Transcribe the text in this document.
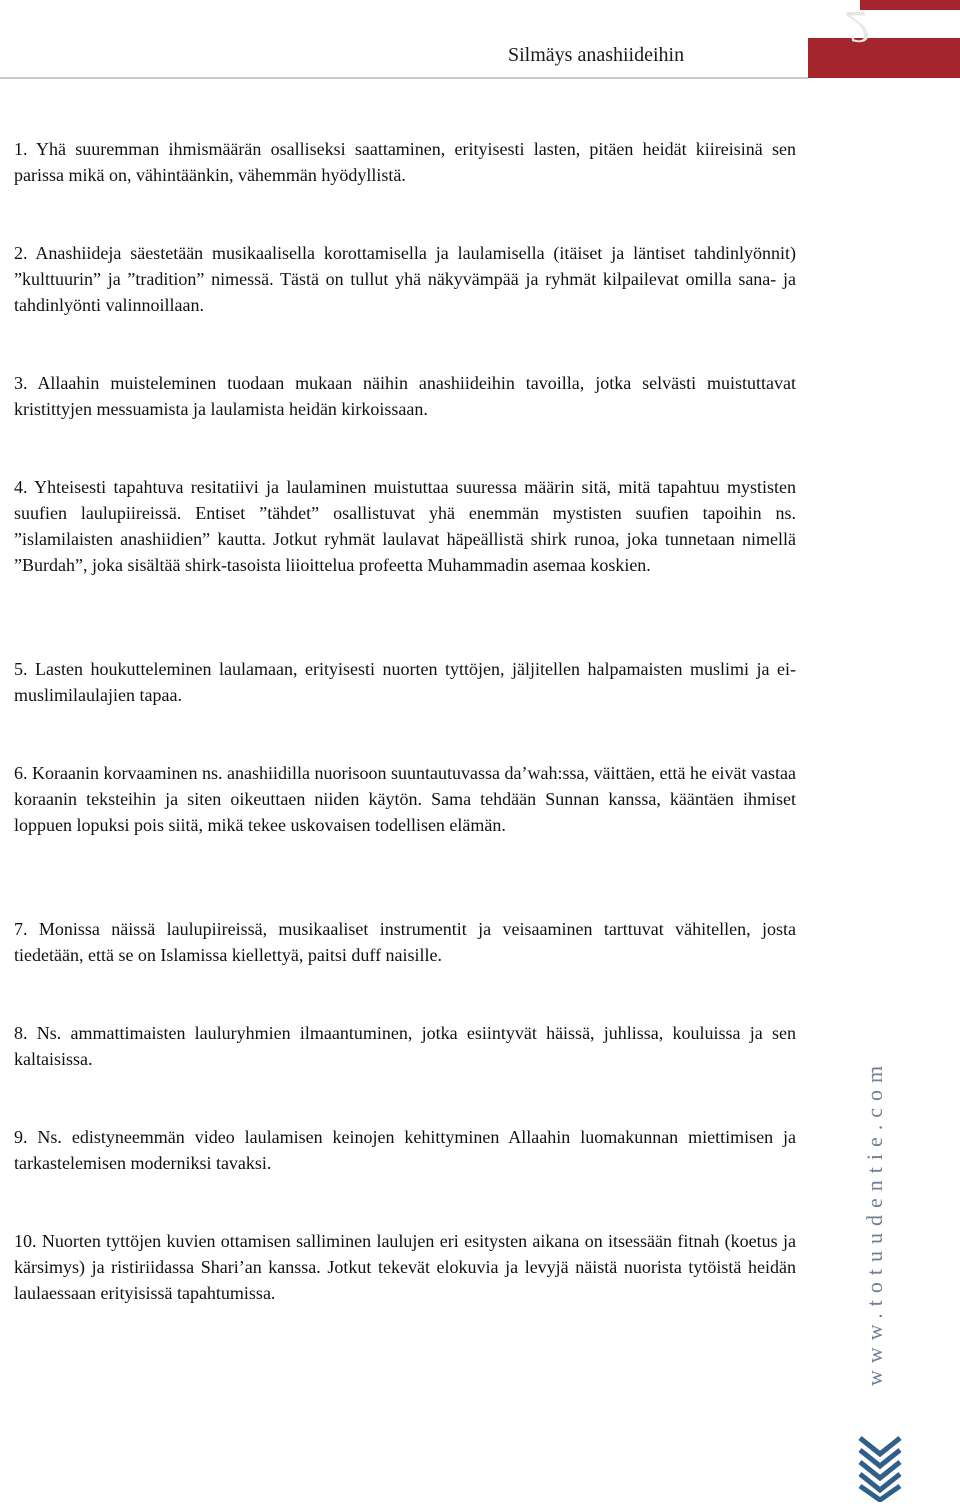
2
Silmäys anashiideihin

1. Yhä suuremman ihmismäärän osalliseksi saattaminen, erityisesti lasten, pitäen heidät kiireisinä sen parissa mikä on, vähintäänkin, vähemmän hyödyllistä.

2. Anashiideja säestetään musikaalisella korottamisella ja laulamisella (itäiset ja läntiset tahdinlyönnit) ”kulttuurin” ja ”tradition” nimessä. Tästä on tullut yhä näkyvämpää ja ryhmät kilpailevat omilla sana- ja tahdinlyönti valinnoillaan.

3. Allaahin muisteleminen tuodaan mukaan näihin anashiideihin tavoilla, jotka selvästi muistuttavat kristittyjen messuamista ja laulamista heidän kirkoissaan.

4. Yhteisesti tapahtuva resitatiivi ja laulaminen muistuttaa suuressa määrin sitä, mitä tapahtuu mystisten suufien laulupiireissä. Entiset ”tähdet” osallistuvat yhä enemmän mystisten suufien tapoihin ns. ”islamilaisten anashiidien” kautta. Jotkut ryhmät laulavat häpeällistä shirk runoa, joka tunnetaan nimellä ”Burdah”, joka sisältää shirk-tasoista liioittelua profeetta Muhammadin asemaa koskien.

5. Lasten houkutteleminen laulamaan, erityisesti nuorten tyttöjen, jäljitellen halpamaisten muslimi ja ei-muslimilaulajien tapaa.

6. Koraanin korvaaminen ns. anashiidilla nuorisoon suuntautuvassa da’wah:ssa, väittäen, että he eivät vastaa koraanin teksteihin ja siten oikeuttaen niiden käytön. Sama tehdään Sunnan kanssa, kääntäen ihmiset loppuen lopuksi pois siitä, mikä tekee uskovaisen todellisen elämän.

7. Monissa näissä laulupiireissä, musikaaliset instrumentit ja veisaaminen tarttuvat vähitellen, josta tiedetään, että se on Islamissa kiellettyä, paitsi duff naisille.

8. Ns. ammattimaisten lauluryhmien ilmaantuminen, jotka esiintyvät häissä, juhlissa, kouluissa ja sen kaltaisissa.

9. Ns. edistyneemmän video laulamisen keinojen kehittyminen Allaahin luomakunnan miettimisen ja tarkastelemisen moderniksi tavaksi.

10. Nuorten tyttöjen kuvien ottamisen salliminen laulujen eri esitysten aikana on itsessään fitnah (koetus ja kärsimys) ja ristiriidassa Shari’an kanssa. Jotkut tekevät elokuvia ja levyjä näistä nuorista tytöistä heidän laulaessaan erityisissä tapahtumissa.	www.totuudentie.com
